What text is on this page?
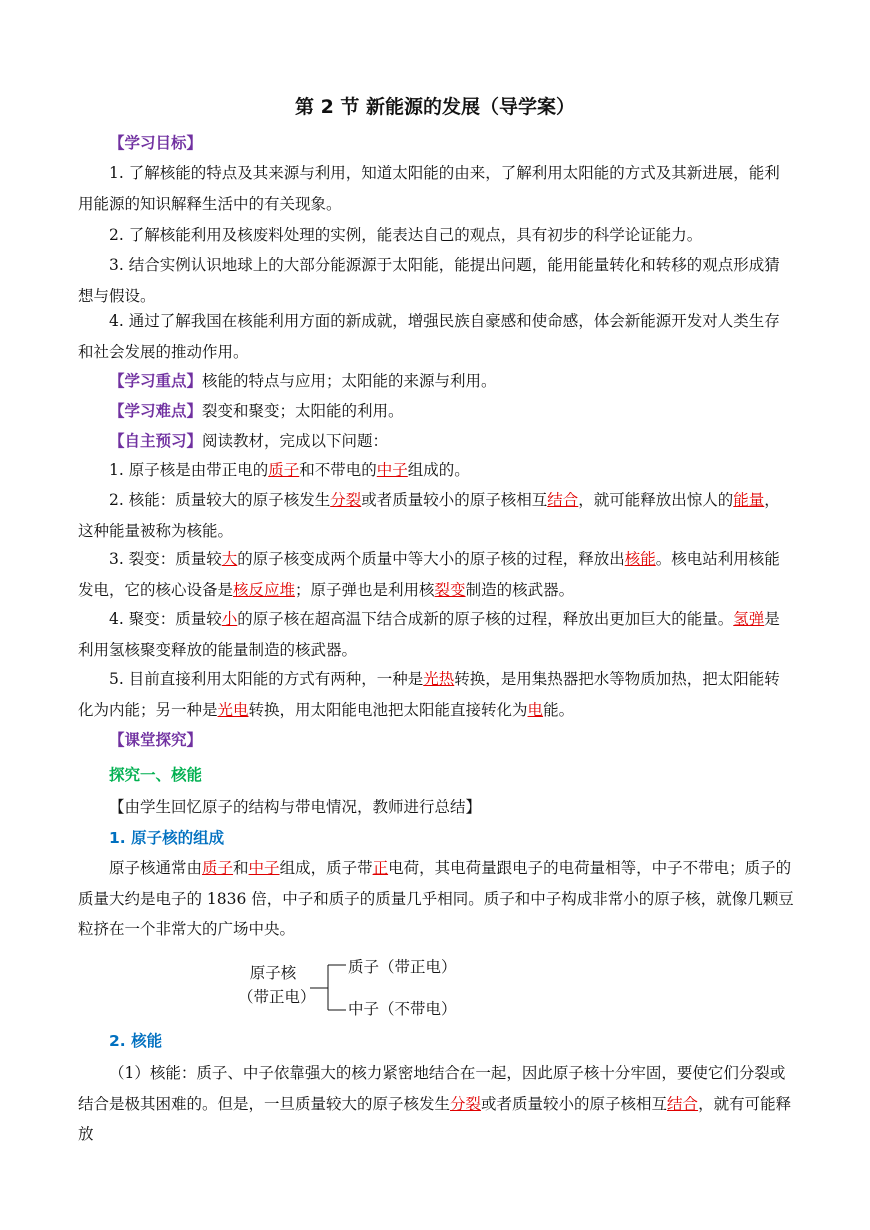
第 2 节 新能源的发展（导学案）
【学习目标】
1. 了解核能的特点及其来源与利用，知道太阳能的由来，了解利用太阳能的方式及其新进展，能利用能源的知识解释生活中的有关现象。
2. 了解核能利用及核废料处理的实例，能表达自己的观点，具有初步的科学论证能力。
3. 结合实例认识地球上的大部分能源源于太阳能，能提出问题，能用能量转化和转移的观点形成猜想与假设。
4. 通过了解我国在核能利用方面的新成就，增强民族自豪感和使命感，体会新能源开发对人类生存和社会发展的推动作用。
【学习重点】核能的特点与应用；太阳能的来源与利用。
【学习难点】裂变和聚变；太阳能的利用。
【自主预习】阅读教材，完成以下问题：
1. 原子核是由带正电的质子和不带电的中子组成的。
2. 核能：质量较大的原子核发生分裂或者质量较小的原子核相互结合，就可能释放出惊人的能量，这种能量被称为核能。
3. 裂变：质量较大的原子核变成两个质量中等大小的原子核的过程，释放出核能。核电站利用核能发电，它的核心设备是核反应堆；原子弹也是利用核裂变制造的核武器。
4. 聚变：质量较小的原子核在超高温下结合成新的原子核的过程，释放出更加巨大的能量。氢弹是利用氢核聚变释放的能量制造的核武器。
5. 目前直接利用太阳能的方式有两种，一种是光热转换，是用集热器把水等物质加热，把太阳能转化为内能；另一种是光电转换，用太阳能电池把太阳能直接转化为电能。
【课堂探究】
探究一、核能
【由学生回忆原子的结构与带电情况，教师进行总结】
1. 原子核的组成
原子核通常由质子和中子组成，质子带正电荷，其电荷量跟电子的电荷量相等，中子不带电；质子的质量大约是电子的 1836 倍，中子和质子的质量几乎相同。质子和中子构成非常小的原子核，就像几颗豆粒挤在一个非常大的广场中央。
原子核
（带正电）
质子（带正电）
中子（不带电）
2. 核能
（1）核能：质子、中子依靠强大的核力紧密地结合在一起，因此原子核十分牢固，要使它们分裂或结合是极其困难的。但是，一旦质量较大的原子核发生分裂或者质量较小的原子核相互结合，就有可能释放
